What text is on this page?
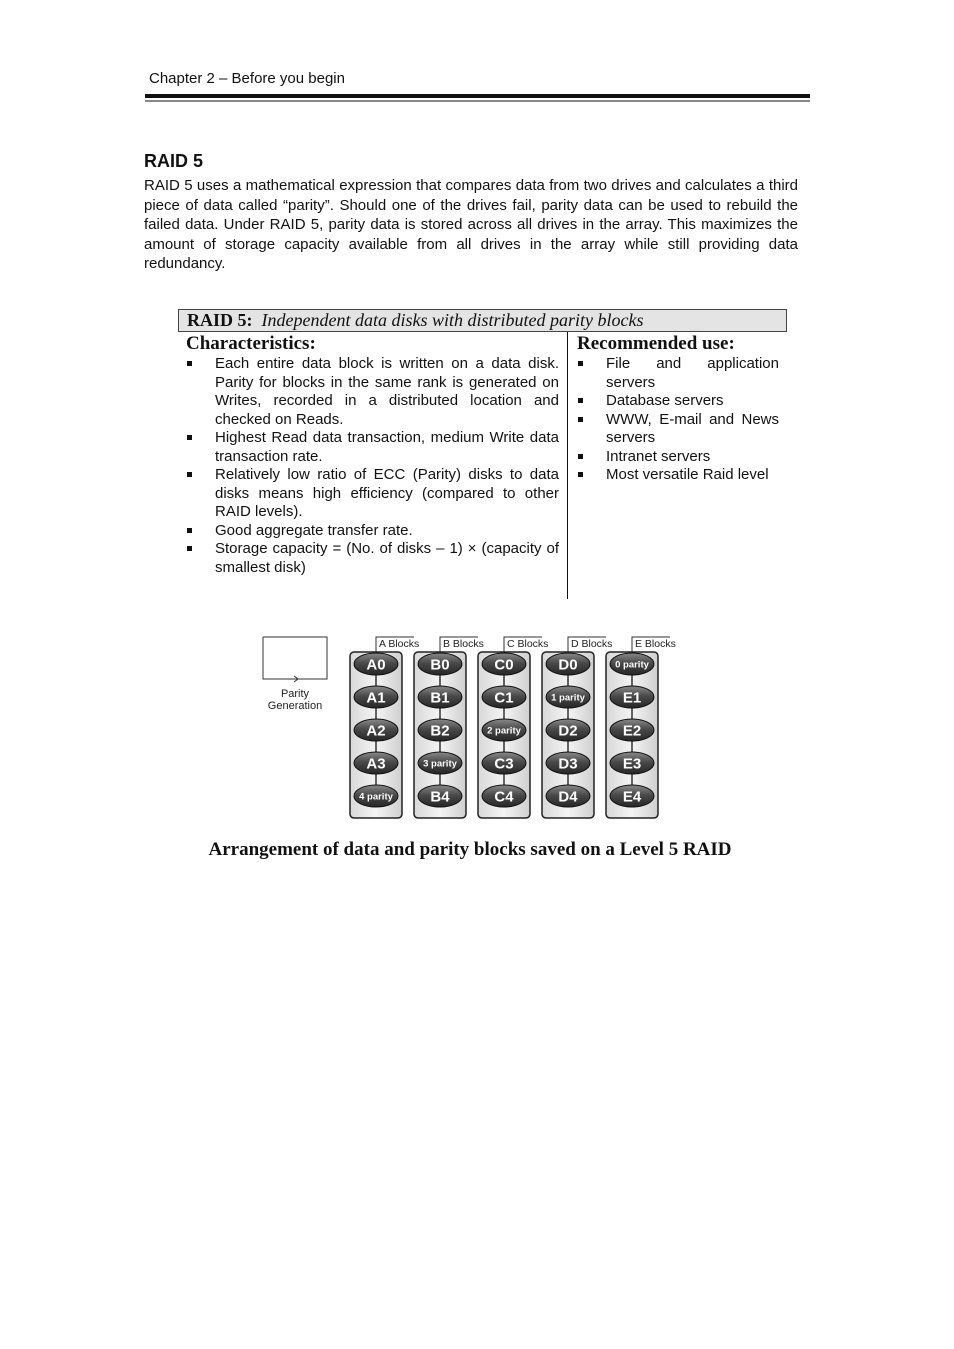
Chapter 2 – Before you begin
RAID 5

RAID 5 uses a mathematical expression that compares data from two drives and calculates a third piece of data called “parity”. Should one of the drives fail, parity data can be used to rebuild the failed data. Under RAID 5, parity data is stored across all drives in the array. This maximizes the amount of storage capacity available from all drives in the array while still providing data redundancy.

RAID 5: Independent data disks with distributed parity blocks
Characteristics:
Each entire data block is written on a data disk. Parity for blocks in the same rank is generated on Writes, recorded in a distributed location and checked on Reads.
Highest Read data transaction, medium Write data transaction rate.
Relatively low ratio of ECC (Parity) disks to data disks means high efficiency (compared to other RAID levels).
Good aggregate transfer rate.
Storage capacity = (No. of disks – 1) × (capacity of smallest disk)
Recommended use:
File and application servers
Database servers
WWW, E-mail and News servers
Intranet servers
Most versatile Raid level
Parity
Generation
A Blocks
A0
A1
A2
A3
4 parity
B Blocks
B0
B1
B2
3 parity
B4
C Blocks
C0
C1
2 parity
C3
C4
D Blocks
D0
1 parity
D2
D3
D4
E Blocks
0 parity
E1
E2
E3
E4
Arrangement of data and parity blocks saved on a Level 5 RAID
